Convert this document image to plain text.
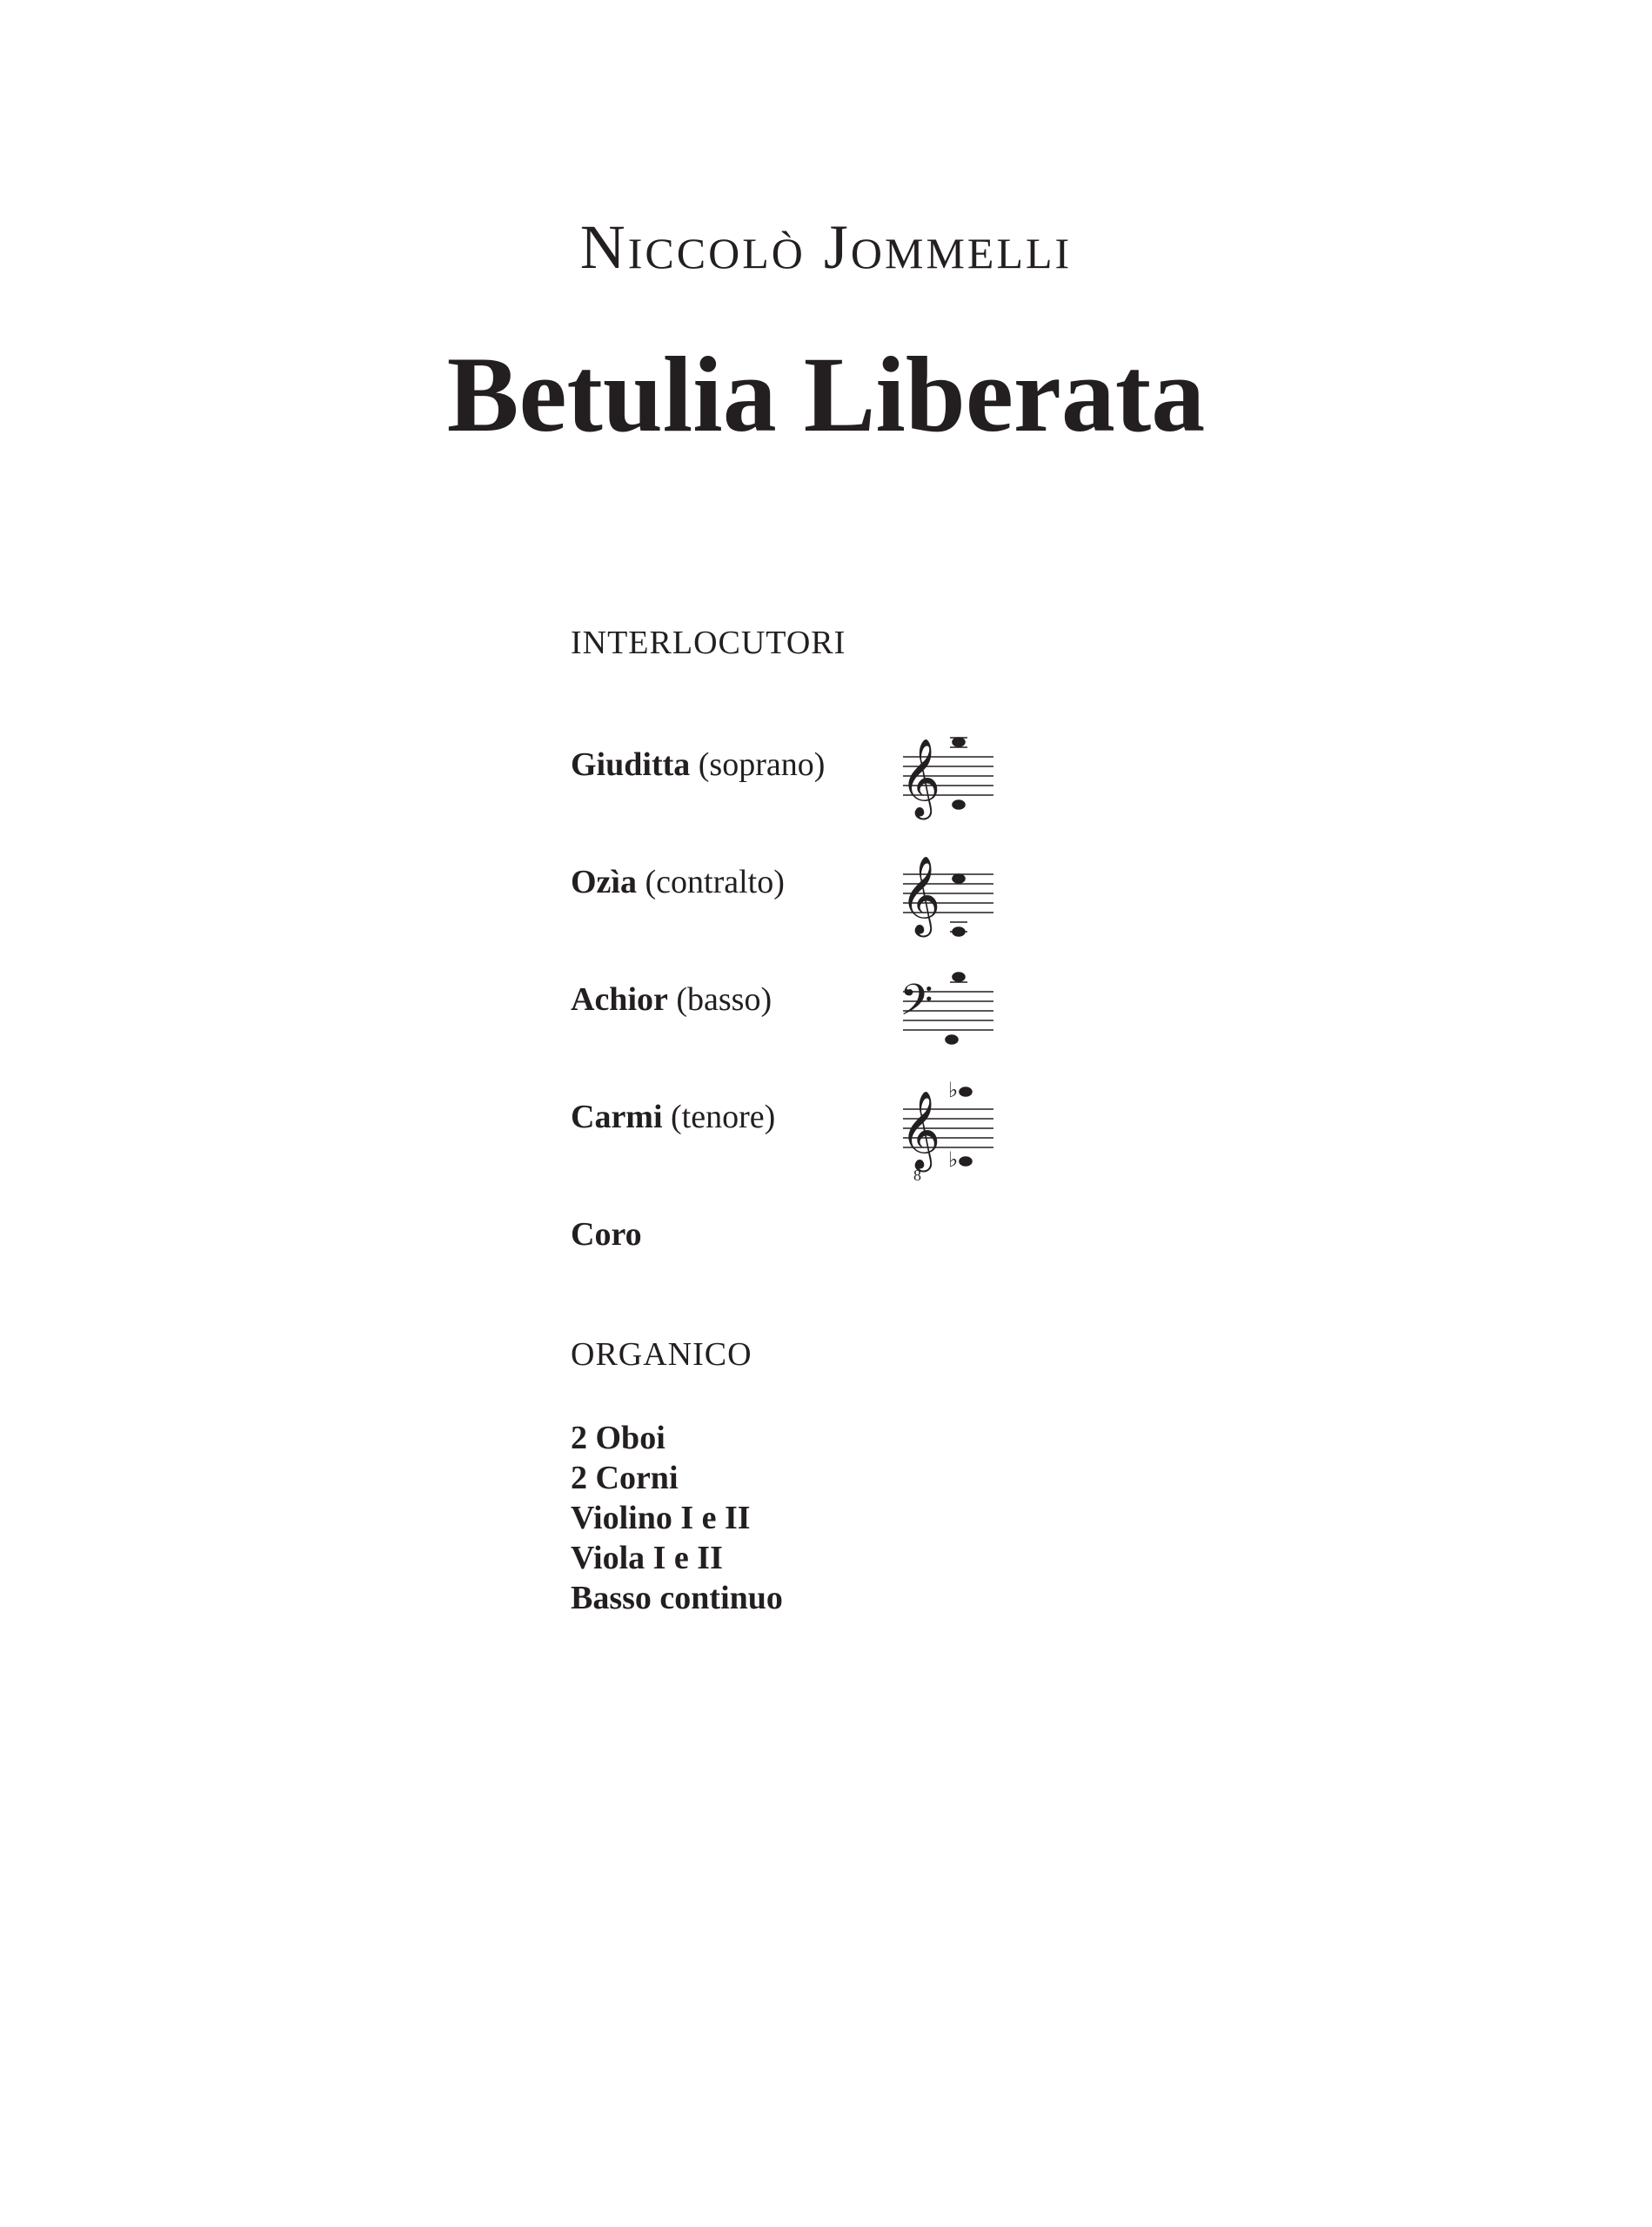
Niccolò Jommelli
Betulia Liberata
INTERLOCUTORI
Giuditta (soprano) 𝄞
Ozìa (contralto) 𝄞
Achior (basso) 𝄢
Carmi (tenore) 𝄞
8
♭
♭
Coro
ORGANICO
2 Oboi
2 Corni
Violino I e II
Viola I e II
Basso continuo
